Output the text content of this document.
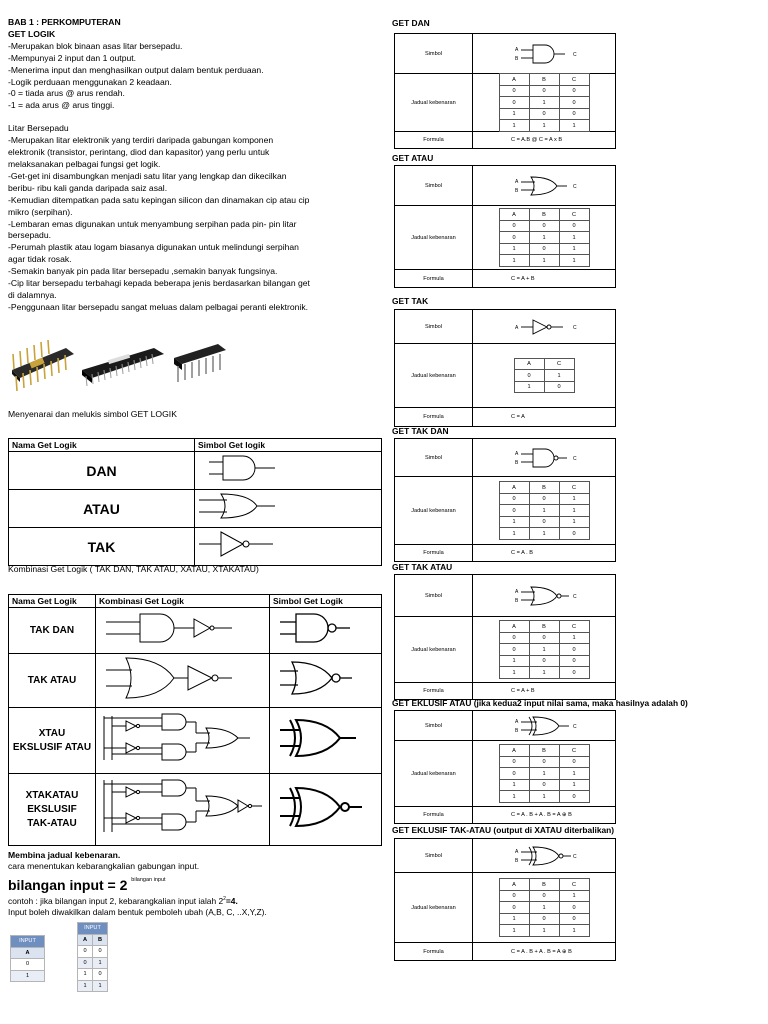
BAB 1 : PERKOMPUTERAN

GET LOGIK

-Merupakan blok binaan asas litar bersepadu.

-Mempunyai 2 input dan 1 output.

-Menerima input dan menghasilkan output dalam bentuk perduaan.

-Logik perduaan menggunakan 2 keadaan.

-0 = tiada arus @ arus rendah.

-1 = ada arus @ arus tinggi.

Litar Bersepadu

-Merupakan litar elektronik yang terdiri daripada gabungan komponen

elektronik (transistor, perintang, diod dan kapasitor) yang perlu untuk

melaksanakan pelbagai fungsi get logik.

-Get-get ini disambungkan menjadi satu litar yang lengkap dan dikecilkan

beribu- ribu kali ganda daripada saiz asal.

-Kemudian ditempatkan pada satu kepingan silicon dan dinamakan cip atau cip

mikro (serpihan).

-Lembaran emas digunakan untuk menyambung serpihan pada pin- pin litar

bersepadu.

-Perumah plastik atau logam biasanya digunakan untuk melindungi serpihan

agar tidak rosak.

-Semakin banyak pin pada litar bersepadu ,semakin banyak fungsinya.

-Cip litar bersepadu terbahagi kepada beberapa jenis berdasarkan bilangan get

di dalamnya.

-Penggunaan litar bersepadu sangat meluas dalam pelbagai peranti elektronik.

Menyenarai dan melukis simbol GET LOGIK

Nama Get Logik	Simbol Get logik
DAN	
ATAU	
TAK	

Kombinasi Get Logik ( TAK DAN, TAK ATAU, XATAU, XTAKATAU)

Nama Get Logik	Kombinasi Get Logik	Simbol Get Logik
TAK DAN		
TAK ATAU		

XTAU
EKSLUSIF ATAU

XTAKATAU
EKSLUSIF
TAK-ATAU

Membina jadual kebenaran.

cara menentukan kebarangkalian gabungan input.

bilangan input = 2 $^{bilangan input}$

contoh : jika bilangan input 2, kebarangkalian input ialah $2^2=4$.

Input boleh diwakilkan dalam bentuk pemboleh ubah (A,B, C, ..X,Y,Z).

INPUT
A
0
1
INPUT	
A	B
0	0
0	1
1	0
1	1
GET DAN
Simbol
A
B
C
Jadual kebenaran
A	B	C
0	0	0
0	1	0
1	0	0
1	1	1
Formula	C = A.B @ C = A x B
GET ATAU
Simbol
A
B
C
Jadual kebenaran
A	B	C
0	0	0
0	1	1
1	0	1
1	1	1
Formula	C = A + B
GET TAK
Simbol	A	C
Jadual kebenaran
A	C
0	1
1	0
Formula	C = A
GET TAK DAN
Simbol
A
B
C
Jadual kebenaran
A	B	C
0	0	1
0	1	1
1	0	1
1	1	0
Formula	C = A . B
GET TAK ATAU
Simbol
A
B
C
Jadual kebenaran
A	B	C
0	0	1
0	1	0
1	0	0
1	1	0
Formula	C = A + B
GET EKLUSIF ATAU (jika kedua2 input nilai sama, maka hasilnya adalah 0)
Simbol
A
B
C
Jadual kebenaran
A	B	C
0	0	0
0	1	1
1	0	1
1	1	0
Formula	C = A . B + A . B = A ⊕ B
GET EKLUSIF TAK-ATAU (output di XATAU diterbalikan)
Simbol
A
B
C
Jadual kebenaran
A	B	C
0	0	1
0	1	0
1	0	0
1	1	1
Formula	C = A . B + A . B = A ⊕ B
